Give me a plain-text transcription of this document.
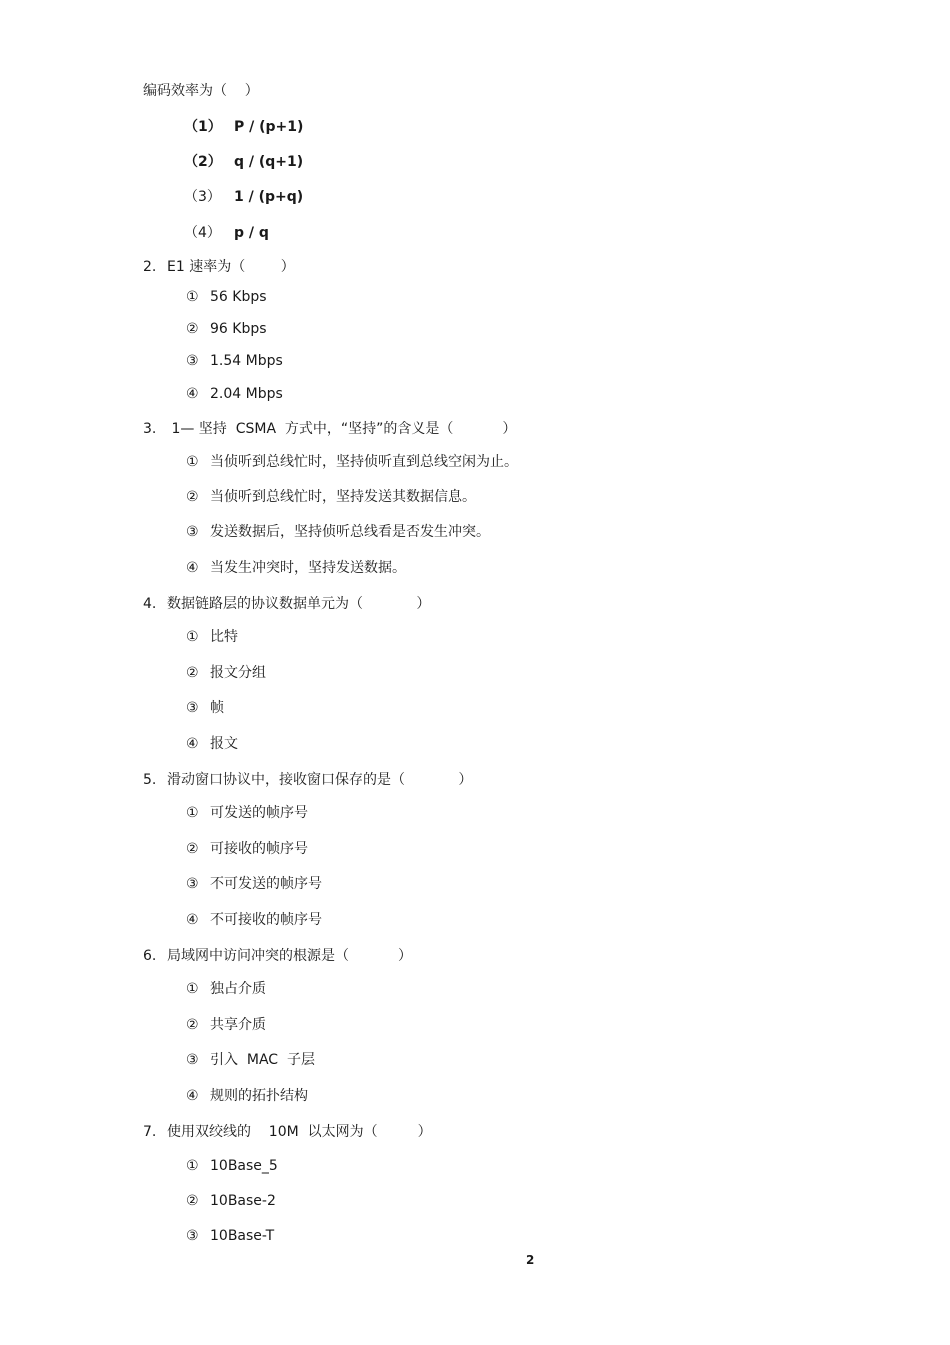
编码效率为（    ）
（1） P / (p+1)
（2） q / (q+1)
（3） 1 / (p+q)
（4） p / q
2. E1 速率为（        ）
① 56 Kbps
② 96 Kbps
③ 1.54 Mbps
④ 2.04 Mbps
3. 1— 坚持  CSMA  方式中，“坚持”的含义是（           ）
① 当侦听到总线忙时，坚持侦听直到总线空闲为止。
② 当侦听到总线忙时，坚持发送其数据信息。
③ 发送数据后，坚持侦听总线看是否发生冲突。
④ 当发生冲突时，坚持发送数据。
4. 数据链路层的协议数据单元为（            ）
① 比特
② 报文分组
③ 帧
④ 报文
5. 滑动窗口协议中，接收窗口保存的是（            ）
① 可发送的帧序号
② 可接收的帧序号
③ 不可发送的帧序号
④ 不可接收的帧序号
6. 局域网中访问冲突的根源是（           ）
① 独占介质
② 共享介质
③ 引入  MAC  子层
④ 规则的拓扑结构
7. 使用双绞线的    10M  以太网为（         ）
① 10Base_5
② 10Base-2
③ 10Base-T
2
